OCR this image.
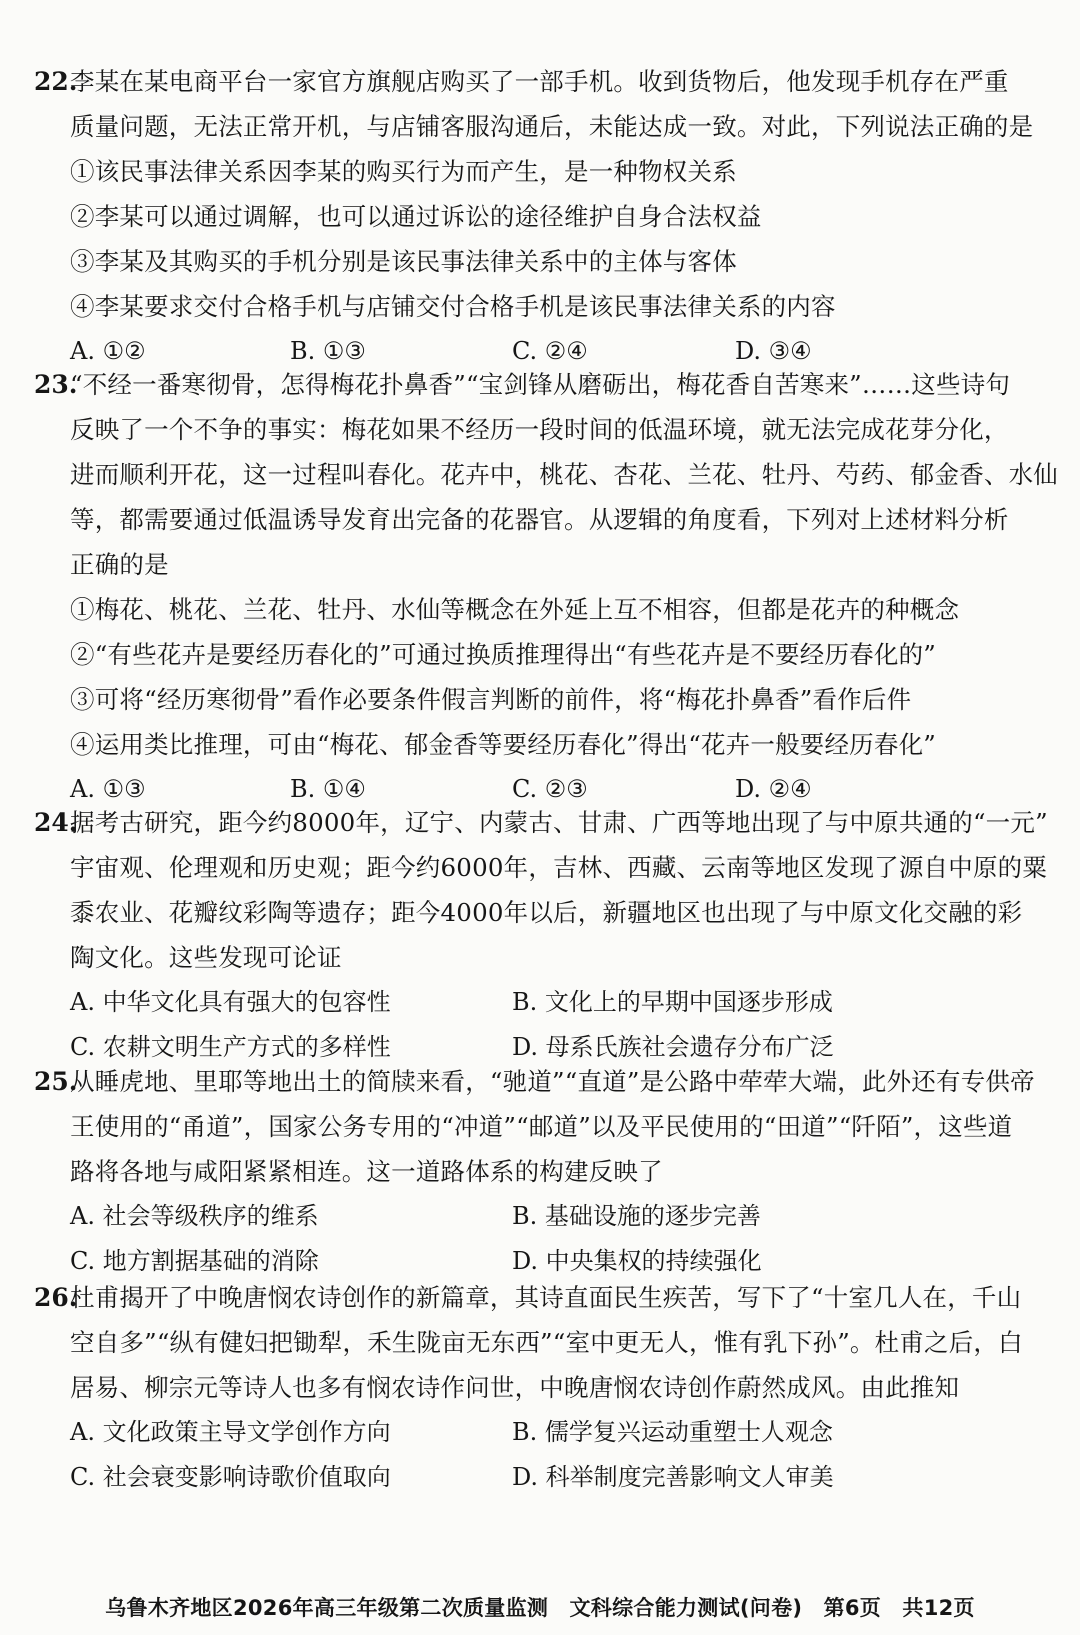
22.
李某在某电商平台一家官方旗舰店购买了一部手机。收到货物后，他发现手机存在严重
质量问题，无法正常开机，与店铺客服沟通后，未能达成一致。对此，下列说法正确的是
①该民事法律关系因李某的购买行为而产生，是一种物权关系
②李某可以通过调解，也可以通过诉讼的途径维护自身合法权益
③李某及其购买的手机分别是该民事法律关系中的主体与客体
④李某要求交付合格手机与店铺交付合格手机是该民事法律关系的内容
A. ①②	B. ①③	C. ②④	D. ③④
23.
“不经一番寒彻骨，怎得梅花扑鼻香”“宝剑锋从磨砺出，梅花香自苦寒来”……这些诗句
反映了一个不争的事实：梅花如果不经历一段时间的低温环境，就无法完成花芽分化，
进而顺利开花，这一过程叫春化。花卉中，桃花、杏花、兰花、牡丹、芍药、郁金香、水仙
等，都需要通过低温诱导发育出完备的花器官。从逻辑的角度看，下列对上述材料分析
正确的是
①梅花、桃花、兰花、牡丹、水仙等概念在外延上互不相容，但都是花卉的种概念
②“有些花卉是要经历春化的”可通过换质推理得出“有些花卉是不要经历春化的”
③可将“经历寒彻骨”看作必要条件假言判断的前件，将“梅花扑鼻香”看作后件
④运用类比推理，可由“梅花、郁金香等要经历春化”得出“花卉一般要经历春化”
A. ①③	B. ①④	C. ②③	D. ②④
24.
据考古研究，距今约8000年，辽宁、内蒙古、甘肃、广西等地出现了与中原共通的“一元”
宇宙观、伦理观和历史观；距今约6000年，吉林、西藏、云南等地区发现了源自中原的粟
黍农业、花瓣纹彩陶等遗存；距今4000年以后，新疆地区也出现了与中原文化交融的彩
陶文化。这些发现可论证
A. 中华文化具有强大的包容性	B. 文化上的早期中国逐步形成
C. 农耕文明生产方式的多样性	D. 母系氏族社会遗存分布广泛
25.
从睡虎地、里耶等地出土的简牍来看，“驰道”“直道”是公路中荦荦大端，此外还有专供帝
王使用的“甬道”，国家公务专用的“冲道”“邮道”以及平民使用的“田道”“阡陌”，这些道
路将各地与咸阳紧紧相连。这一道路体系的构建反映了
A. 社会等级秩序的维系	B. 基础设施的逐步完善
C. 地方割据基础的消除	D. 中央集权的持续强化
26.
杜甫揭开了中晚唐悯农诗创作的新篇章，其诗直面民生疾苦，写下了“十室几人在，千山
空自多”“纵有健妇把锄犁，禾生陇亩无东西”“室中更无人，惟有乳下孙”。杜甫之后，白
居易、柳宗元等诗人也多有悯农诗作问世，中晚唐悯农诗创作蔚然成风。由此推知
A. 文化政策主导文学创作方向	B. 儒学复兴运动重塑士人观念
C. 社会衰变影响诗歌价值取向	D. 科举制度完善影响文人审美
乌鲁木齐地区2026年高三年级第二次质量监测　文科综合能力测试(问卷)　第6页　共12页
